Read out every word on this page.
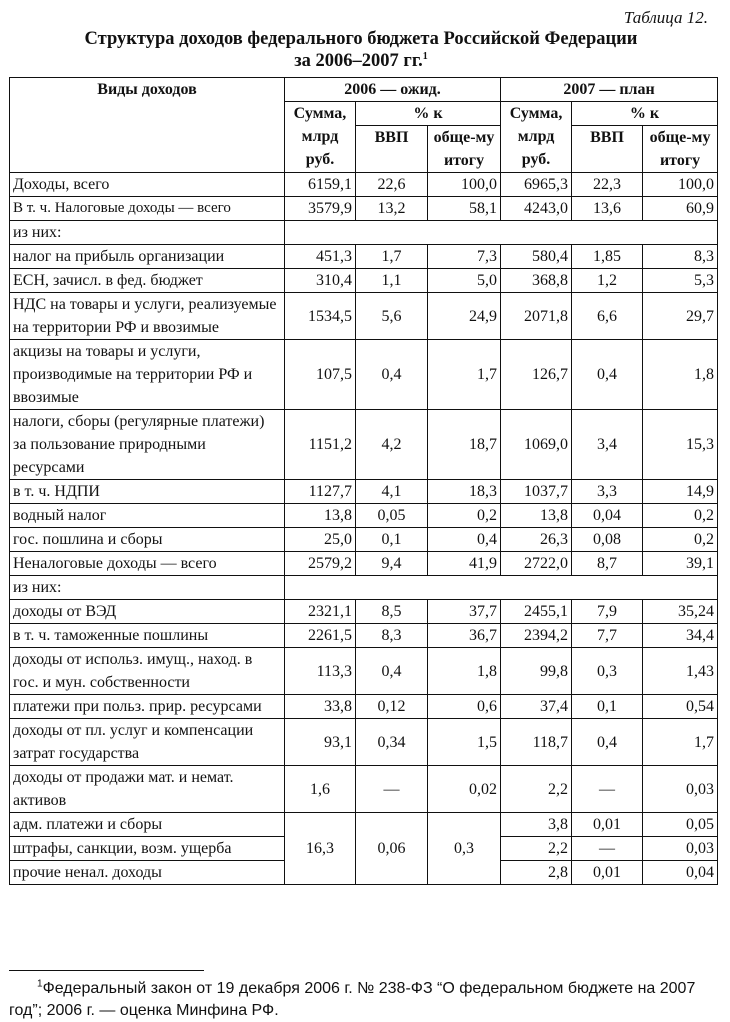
Таблица 12.
Структура доходов федерального бюджета Российской Федерации
за 2006–2007 гг.$^1$
Виды доходов	2006 — ожид.			2007 — план		
	Сумма, млрд руб.	% к		Сумма, млрд руб.	% к	
		ВВП	обще-му итогу		ВВП	обще-му итогу
Доходы, всего	6159,1	22,6	100,0	6965,3	22,3	100,0
В т. ч. Налоговые доходы — всего	3579,9	13,2	58,1	4243,0	13,6	60,9
из них:						
налог на прибыль организации	451,3	1,7	7,3	580,4	1,85	8,3
ЕСН, зачисл. в фед. бюджет	310,4	1,1	5,0	368,8	1,2	5,3
НДС на товары и услуги, реализуемые на территории РФ и ввозимые	1534,5	5,6	24,9	2071,8	6,6	29,7
акцизы на товары и услуги, производимые на территории РФ и ввозимые	107,5	0,4	1,7	126,7	0,4	1,8
налоги, сборы (регулярные платежи) за пользование природными ресурсами	1151,2	4,2	18,7	1069,0	3,4	15,3
в т. ч. НДПИ	1127,7	4,1	18,3	1037,7	3,3	14,9
водный налог	13,8	0,05	0,2	13,8	0,04	0,2
гос. пошлина и сборы	25,0	0,1	0,4	26,3	0,08	0,2
Неналоговые доходы — всего	2579,2	9,4	41,9	2722,0	8,7	39,1
из них:						
доходы от ВЭД	2321,1	8,5	37,7	2455,1	7,9	35,24
в т. ч. таможенные пошлины	2261,5	8,3	36,7	2394,2	7,7	34,4
доходы от использ. имущ., наход. в гос. и мун. собственности	113,3	0,4	1,8	99,8	0,3	1,43
платежи при польз. прир. ресурсами	33,8	0,12	0,6	37,4	0,1	0,54
доходы от пл. услуг и компенсации затрат государства	93,1	0,34	1,5	118,7	0,4	1,7
доходы от продажи мат. и немат. активов	1,6	—	0,02	2,2	—	0,03
адм. платежи и сборы	16,3	0,06	0,3	3,8	0,01	0,05
штрафы, санкции, возм. ущерба				2,2	—	0,03
прочие ненал. доходы				2,8	0,01	0,04
$^1$Федеральный закон от 19 декабря 2006 г. № 238-ФЗ “О федеральном бюджете на 2007 год”; 2006 г. — оценка Минфина РФ.
